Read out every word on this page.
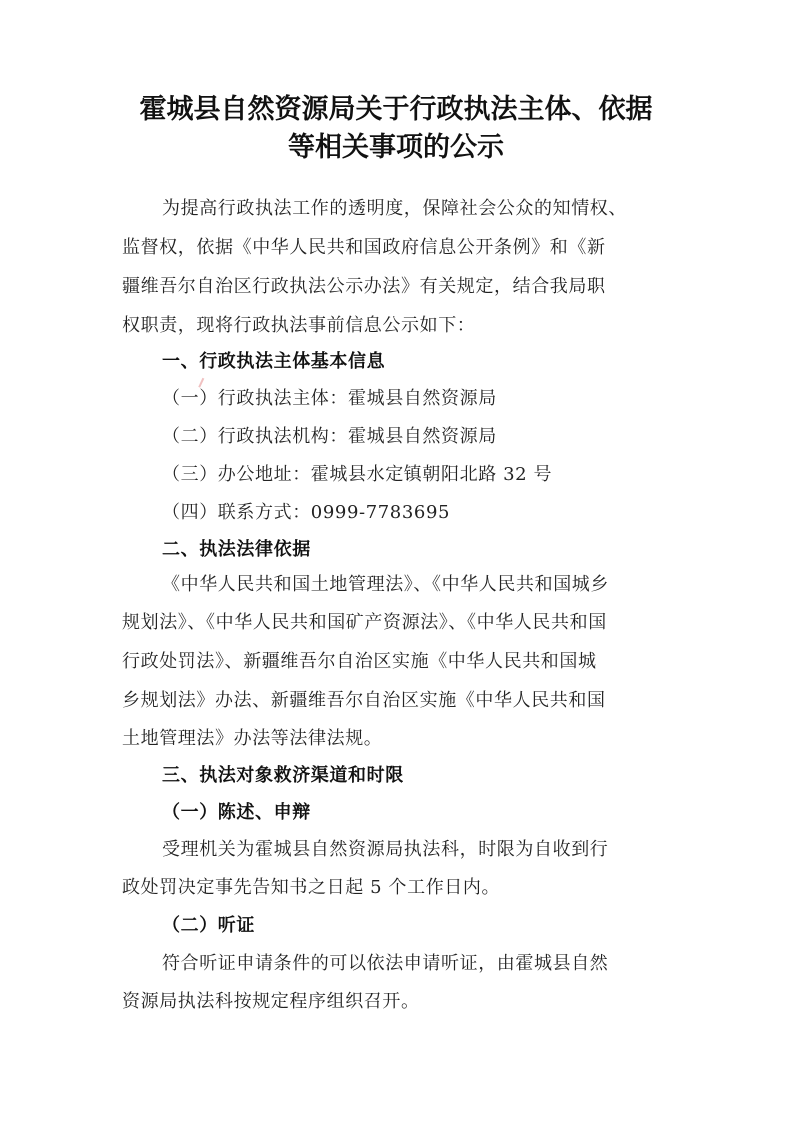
霍城县自然资源局关于行政执法主体、依据
等相关事项的公示
为提高行政执法工作的透明度，保障社会公众的知情权、
监督权，依据《中华人民共和国政府信息公开条例》和《新
疆维吾尔自治区行政执法公示办法》有关规定，结合我局职
权职责，现将行政执法事前信息公示如下：
一、行政执法主体基本信息
（一）行政执法主体：霍城县自然资源局
（二）行政执法机构：霍城县自然资源局
（三）办公地址：霍城县水定镇朝阳北路 32 号
（四）联系方式：0999-7783695
二、执法法律依据
《中华人民共和国土地管理法》、《中华人民共和国城乡
规划法》、《中华人民共和国矿产资源法》、《中华人民共和国
行政处罚法》、新疆维吾尔自治区实施《中华人民共和国城
乡规划法》办法、新疆维吾尔自治区实施《中华人民共和国
土地管理法》办法等法律法规。
三、执法对象救济渠道和时限
（一）陈述、申辩
受理机关为霍城县自然资源局执法科，时限为自收到行
政处罚决定事先告知书之日起 5 个工作日内。
（二）听证
符合听证申请条件的可以依法申请听证，由霍城县自然
资源局执法科按规定程序组织召开。
